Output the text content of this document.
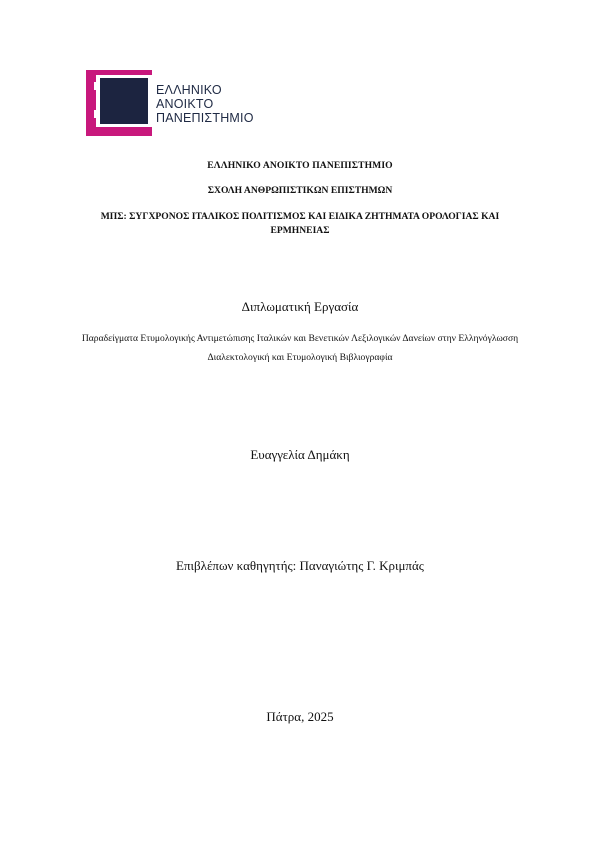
ΕΛΛΗΝΙΚΟ
ΑΝΟΙΚΤΟ
ΠΑΝΕΠΙΣΤΗΜΙΟ
ΕΛΛΗΝΙΚΟ ΑΝΟΙΚΤΟ ΠΑΝΕΠΙΣΤΗΜΙΟ
ΣΧΟΛΗ ΑΝΘΡΩΠΙΣΤΙΚΩΝ ΕΠΙΣΤΗΜΩΝ
ΜΠΣ: ΣΥΓΧΡΟΝΟΣ ΙΤΑΛΙΚΟΣ ΠΟΛΙΤΙΣΜΟΣ ΚΑΙ ΕΙΔΙΚΑ ΖΗΤΗΜΑΤΑ ΟΡΟΛΟΓΙΑΣ ΚΑΙ ΕΡΜΗΝΕΙΑΣ
Διπλωματική Εργασία
Παραδείγματα Ετυμολογικής Αντιμετώπισης Ιταλικών και Βενετικών Λεξιλογικών Δανείων στην Ελληνόγλωσση Διαλεκτολογική και Ετυμολογική Βιβλιογραφία
Ευαγγελία Δημάκη
Επιβλέπων καθηγητής: Παναγιώτης Γ. Κριμπάς
Πάτρα, 2025
